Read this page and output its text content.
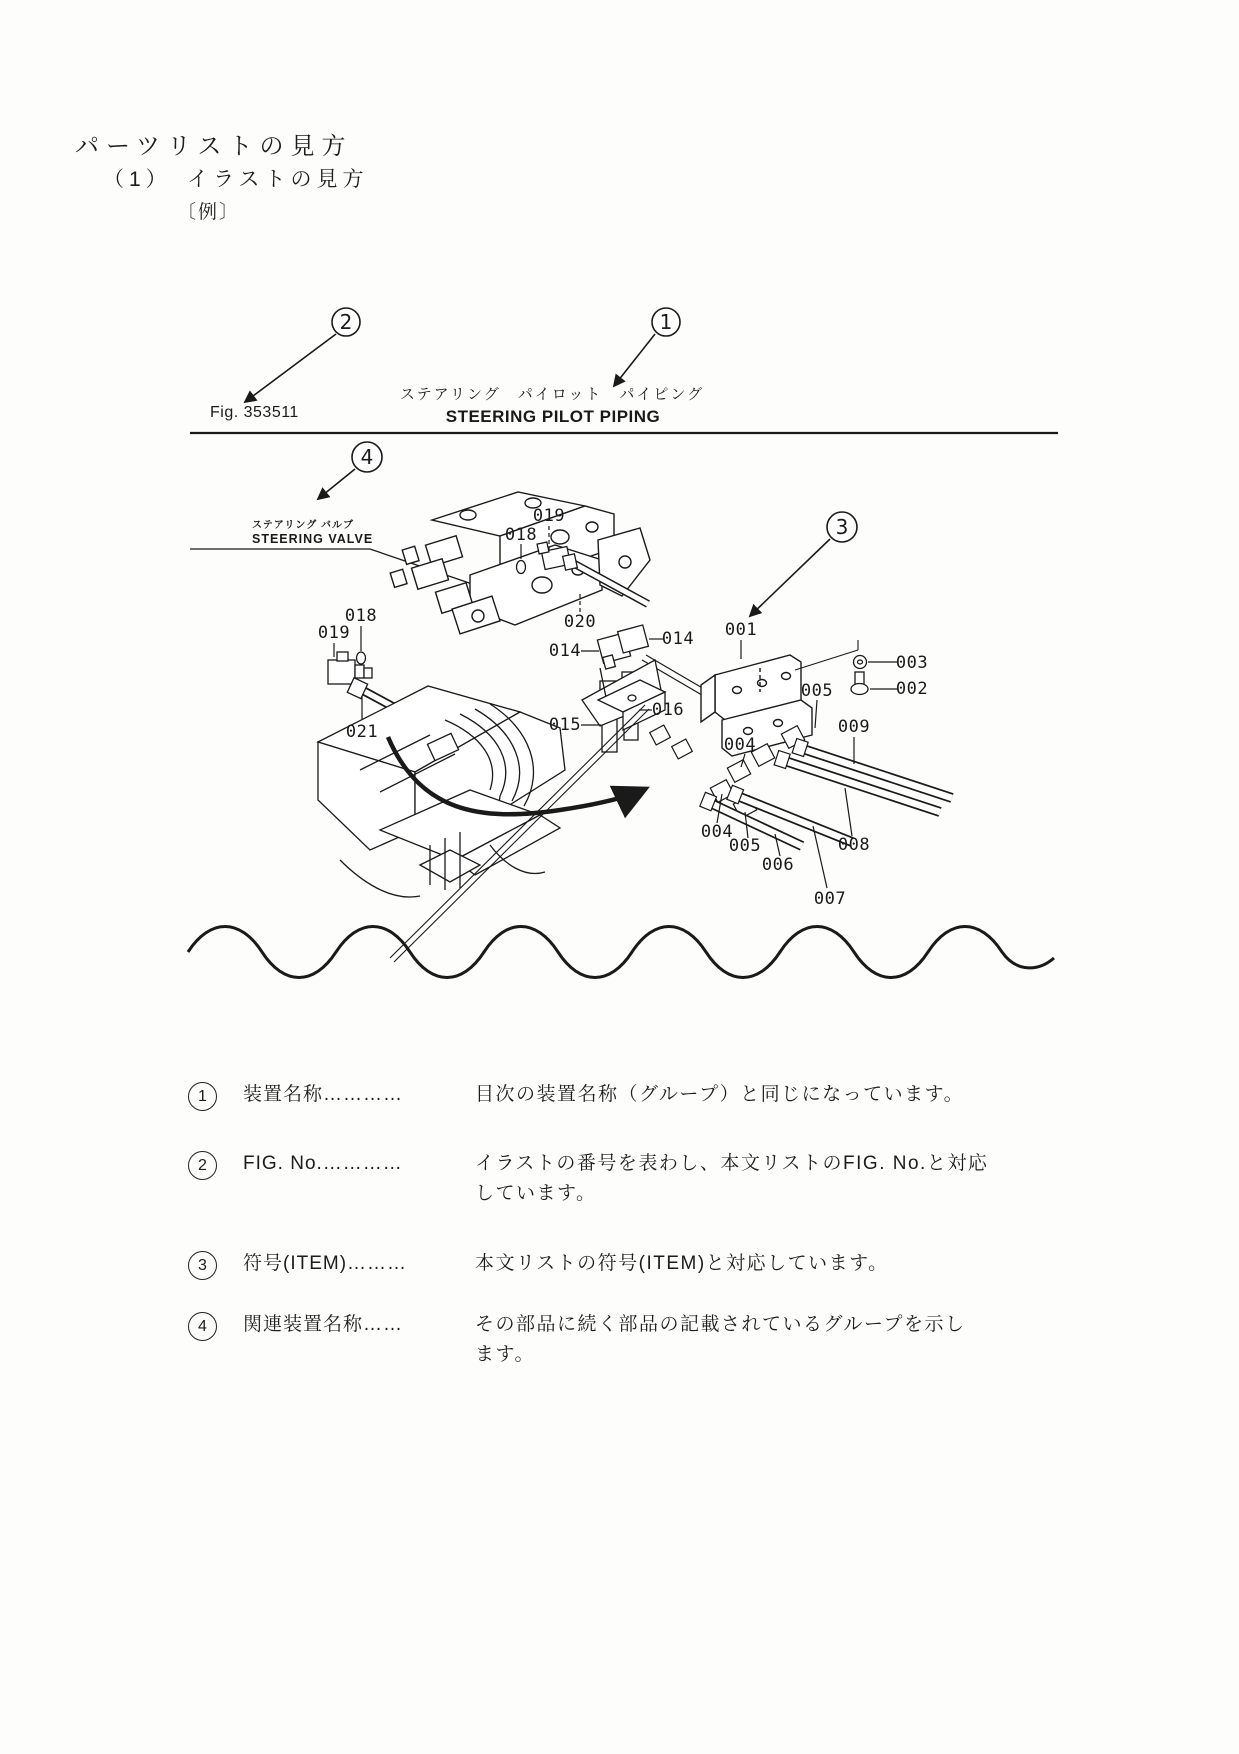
パーツリストの見方
（1）　イラストの見方
〔例〕
2	1
3
4
Fig. 353511
ステアリング　パイロット　パイピング
STEERING PILOT PIPING
ステアリング バルブ
STEERING VALVE
019
018
020
018
019
021
014
014 001
015
016
003
002
005
009
004
004
005
006
008
007
1	装置名称…………	目次の装置名称（グループ）と同じになっています。
2	FIG. No.…………	イラストの番号を表わし、本文リストのFIG. No.と対応
しています。
3	符号(ITEM)………	本文リストの符号(ITEM)と対応しています。
4	関連装置名称……	その部品に続く部品の記載されているグループを示し
ます。
